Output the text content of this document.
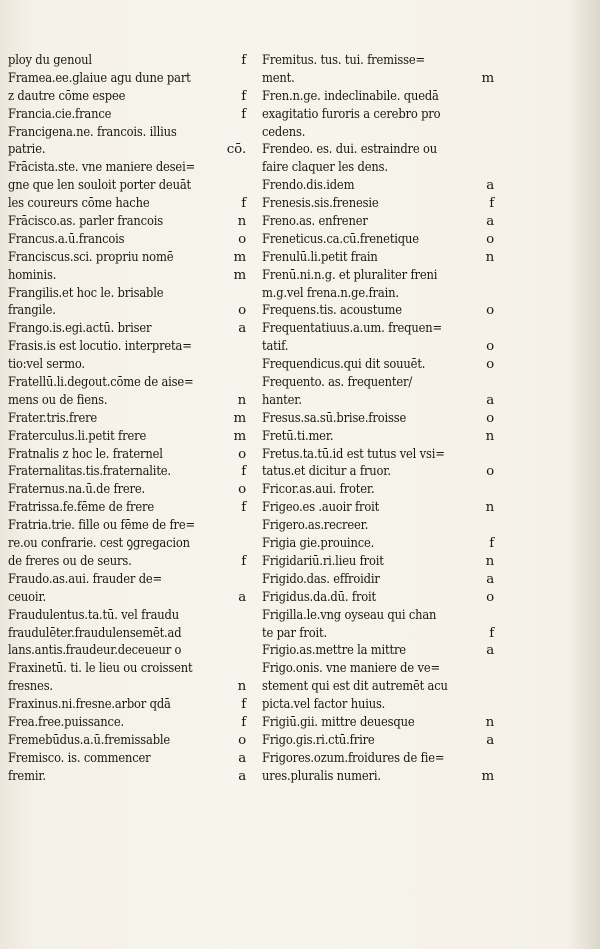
ploy du genoul	f
Framea.ee.glaiue agu dune part
z dautre cōme espee	f
Francia.cie.france	f
Francigena.ne. francois. illius
patrie.	cō.
Frācista.ste. vne maniere desei=
gne que len souloit porter deuāt
les coureurs cōme hache	f
Frācisco.as. parler francois	n
Francus.a.ū.francois	o
Franciscus.sci. propriu nomē	m
hominis.	m
Frangilis.et hoc le. brisable
frangile.	o
Frango.is.egi.actū. briser	a
Frasis.is est locutio. interpreta=
tio:vel sermo.
Fratellū.li.degout.cōme de aise=
mens ou de fiens.	n
Frater.tris.frere	m
Fraterculus.li.petit frere	m
Fratnalis z hoc le. fraternel	o
Fraternalitas.tis.fraternalite.	f
Fraternus.na.ū.de frere.	o
Fratrissa.fe.fēme de frere	f
Fratria.trie. fille ou fēme de fre=
re.ou confrarie. cest ꝯgregacion
de freres ou de seurs.	f
Fraudo.as.aui. frauder de=
ceuoir.	a
Fraudulentus.ta.tū. vel fraudu
fraudulēter.fraudulensemēt.ad
lans.antis.fraudeur.deceueur o
Fraxinetū. ti. le lieu ou croissent
fresnes.	n
Fraxinus.ni.fresne.arbor qdā	f
Frea.free.puissance.	f
Fremebūdus.a.ū.fremissable	o
Fremisco. is. commencer	a
fremir.	a
Fremitus. tus. tui. fremisse=
ment.	m
Fren.n.ge. indeclinabile. quedā
exagitatio furoris a cerebro pro
cedens.
Frendeo. es. dui. estraindre ou
faire claquer les dens.
Frendo.dis.idem	a
Frenesis.sis.frenesie	f
Freno.as. enfrener	a
Freneticus.ca.cū.frenetique	o
Frenulū.li.petit frain	n
Frenū.ni.n.g. et pluraliter freni
m.g.vel frena.n.ge.frain.
Frequens.tis. acoustume	o
Frequentatiuus.a.um. frequen=
tatif.	o
Frequendicus.qui dit souuēt.	o
Frequento. as. frequenter/
hanter.	a
Fresus.sa.sū.brise.froisse	o
Fretū.ti.mer.	n
Fretus.ta.tū.id est tutus vel vsi=
tatus.et dicitur a fruor.	o
Fricor.as.aui. froter.
Frigeo.es .auoir froit	n
Frigero.as.recreer.
Frigia gie.prouince.	f
Frigidariū.ri.lieu froit	n
Frigido.das. effroidir	a
Frigidus.da.dū. froit	o
Frigilla.le.vng oyseau qui chan
te par froit.	f
Frigio.as.mettre la mittre	a
Frigo.onis. vne maniere de ve=
stement qui est dit autremēt acu
picta.vel factor huius.
Frigiū.gii. mittre deuesque	n
Frigo.gis.ri.ctū.frire	a
Frigores.ozum.froidures de fie=
ures.pluralis numeri.	m
